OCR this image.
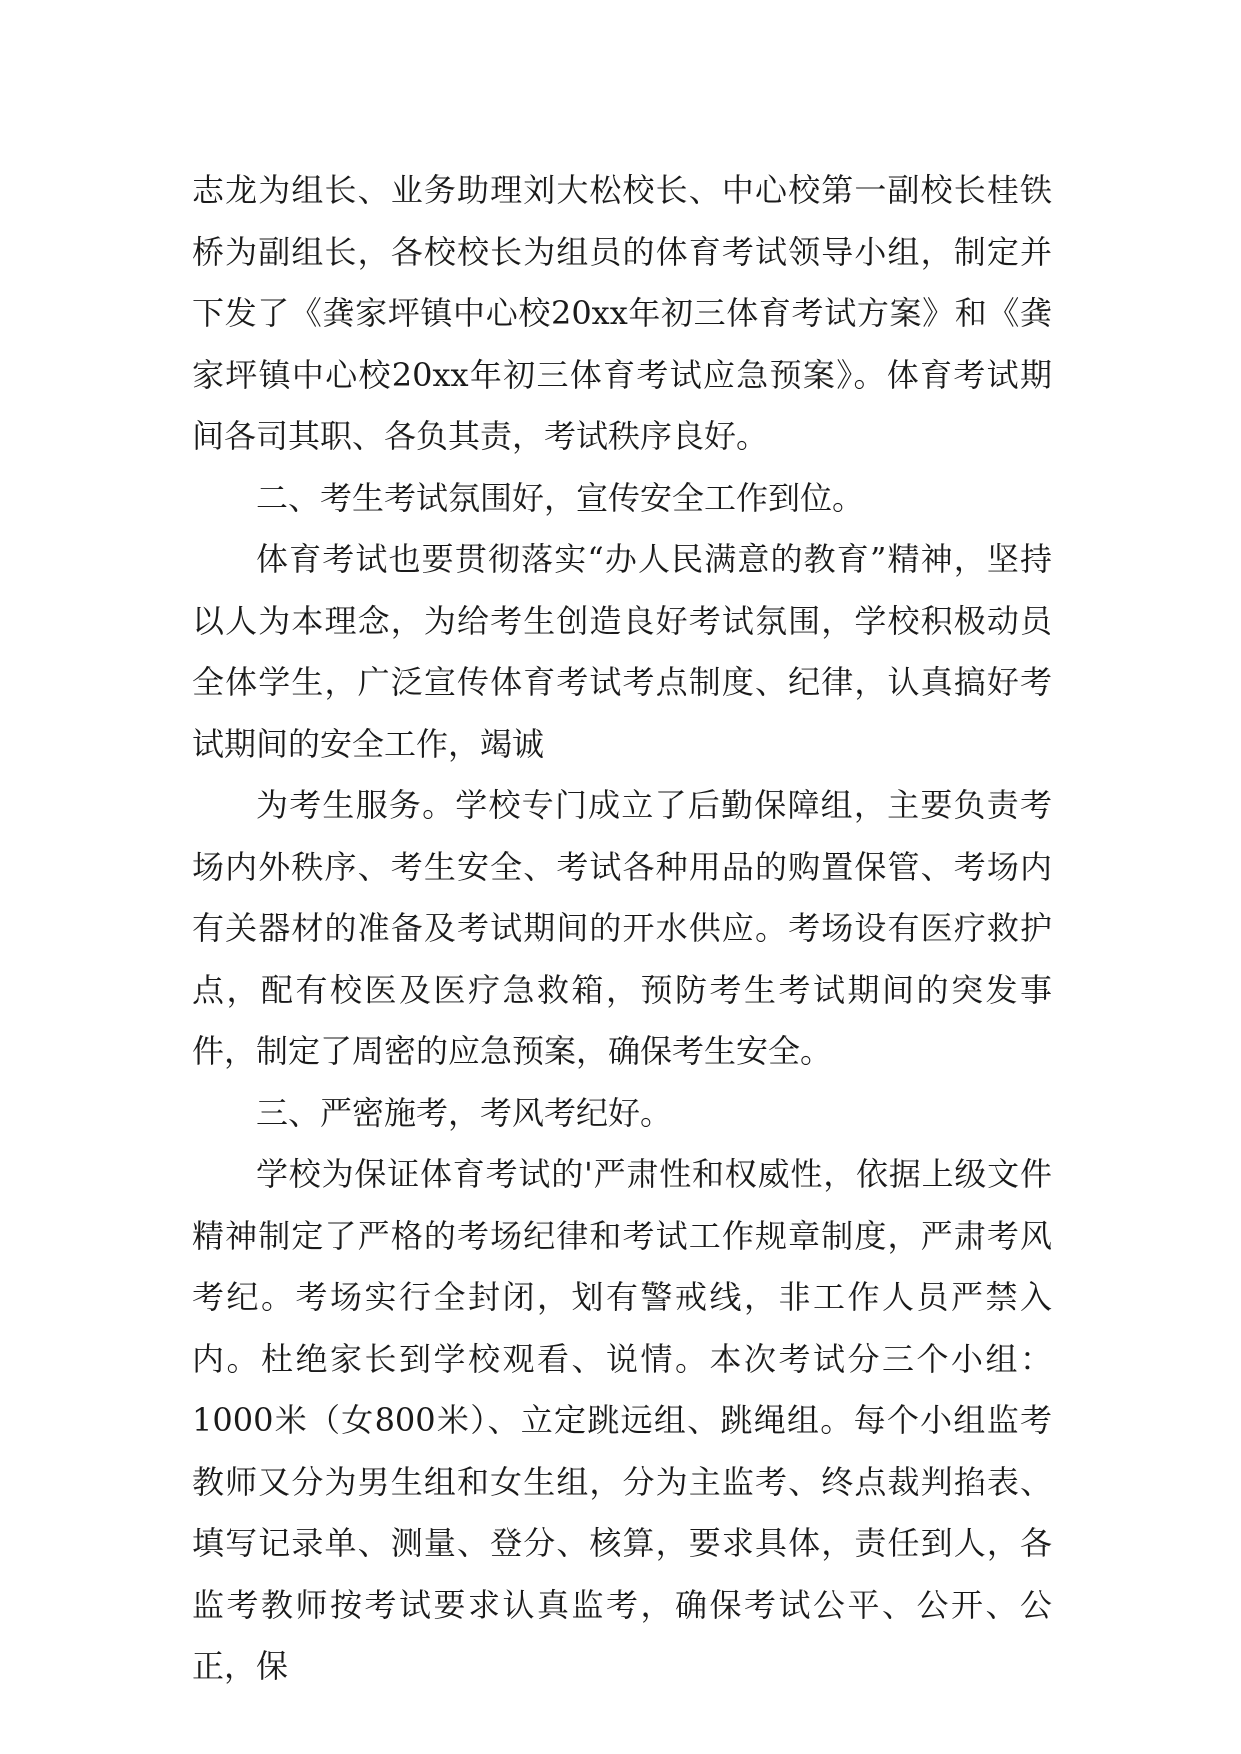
志龙为组长、业务助理刘大松校长、中心校第一副校长桂铁桥为副组长，各校校长为组员的体育考试领导小组，制定并下发了《龚家坪镇中心校20xx年初三体育考试方案》和《龚家坪镇中心校20xx年初三体育考试应急预案》。体育考试期间各司其职、各负其责，考试秩序良好。

二、考生考试氛围好，宣传安全工作到位。

体育考试也要贯彻落实“办人民满意的教育”精神，坚持以人为本理念，为给考生创造良好考试氛围，学校积极动员全体学生，广泛宣传体育考试考点制度、纪律，认真搞好考试期间的安全工作，竭诚

为考生服务。学校专门成立了后勤保障组，主要负责考场内外秩序、考生安全、考试各种用品的购置保管、考场内有关器材的准备及考试期间的开水供应。考场设有医疗救护点，配有校医及医疗急救箱，预防考生考试期间的突发事件，制定了周密的应急预案，确保考生安全。

三、严密施考，考风考纪好。

学校为保证体育考试的'严肃性和权威性，依据上级文件精神制定了严格的考场纪律和考试工作规章制度，严肃考风考纪。考场实行全封闭，划有警戒线，非工作人员严禁入内。杜绝家长到学校观看、说情。本次考试分三个小组：1000米（女800米）、立定跳远组、跳绳组。每个小组监考教师又分为男生组和女生组，分为主监考、终点裁判掐表、填写记录单、测量、登分、核算，要求具体，责任到人，各监考教师按考试要求认真监考，确保考试公平、公开、公正，保
